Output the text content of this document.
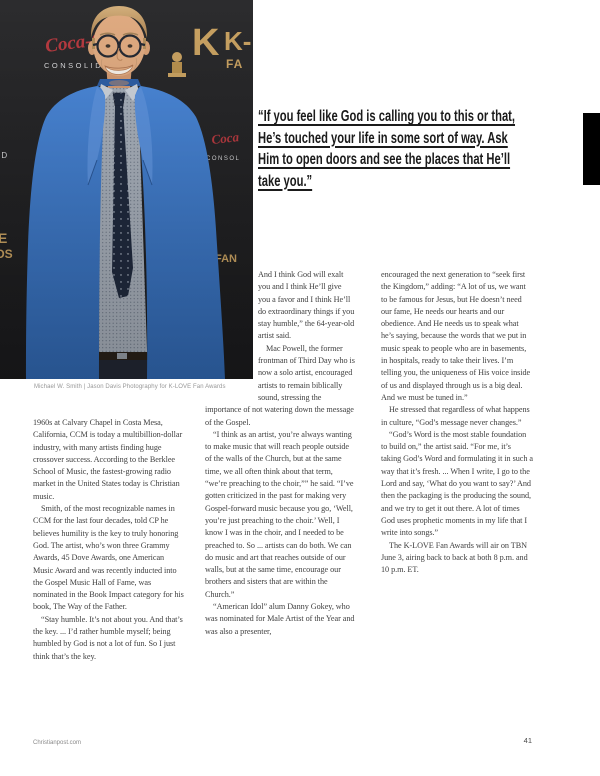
Michael W. Smith | Jason Davis Photography for K-LOVE Fan Awards
“If you feel like God is calling you to this or that,
He’s touched your life in some sort of way. Ask
Him to open doors and see the places that He’ll
take you.”

1960s at Calvary Chapel in Costa Mesa, California, CCM is today a multibillion-dollar industry, with many artists finding huge crossover success. According to the Berklee School of Music, the fastest-growing radio market in the United States today is Christian music.

Smith, of the most recognizable names in CCM for the last four decades, told CP he believes humility is the key to truly honoring God. The artist, who’s won three Grammy Awards, 45 Dove Awards, one American Music Award and was recently inducted into the Gospel Music Hall of Fame, was nominated in the Book Impact category for his book, The Way of the Father.

“Stay humble. It’s not about you. And that’s the key. ... I’d rather humble myself; being humbled by God is not a lot of fun. So I just think that’s the key.

And I think God will exalt you and I think He’ll give you a favor and I think He’ll do extraordinary things if you stay humble,” the 64-year-old artist said.

Mac Powell, the former frontman of Third Day who is now a solo artist, encouraged artists to remain biblically sound, stressing the importance of not watering down the message of the Gospel.

“I think as an artist, you’re always wanting to make music that will reach people outside of the walls of the Church, but at the same time, we all often think about that term, “we’re preaching to the choir,”” he said. “I’ve gotten criticized in the past for making very Gospel-forward music because you go, ‘Well, you’re just preaching to the choir.’ Well, I know I was in the choir, and I needed to be preached to. So ... artists can do both. We can do music and art that reaches outside of our walls, but at the same time, encourage our brothers and sisters that are within the Church.”

“American Idol” alum Danny Gokey, who was nominated for Male Artist of the Year and was also a presenter,

encouraged the next generation to “seek first the Kingdom,” adding: “A lot of us, we want to be famous for Jesus, but He doesn’t need our fame, He needs our hearts and our obedience. And He needs us to speak what he’s saying, because the words that we put in music speak to people who are in basements, in hospitals, ready to take their lives. I’m telling you, the uniqueness of His voice inside of us and displayed through us is a big deal. And we must be tuned in.”

He stressed that regardless of what happens in culture, “God’s message never changes.”

“God’s Word is the most stable foundation to build on,” the artist said. “For me, it’s taking God’s Word and formulating it in such a way that it’s fresh. ... When I write, I go to the Lord and say, ‘What do you want to say?’ And then the packaging is the producing the sound, and we try to get it out there. A lot of times God uses prophetic moments in my life that I write into songs.”

The K-LOVE Fan Awards will air on TBN June 3, airing back to back at both 8 p.m. and 10 p.m. ET.

Christianpost.com	41
